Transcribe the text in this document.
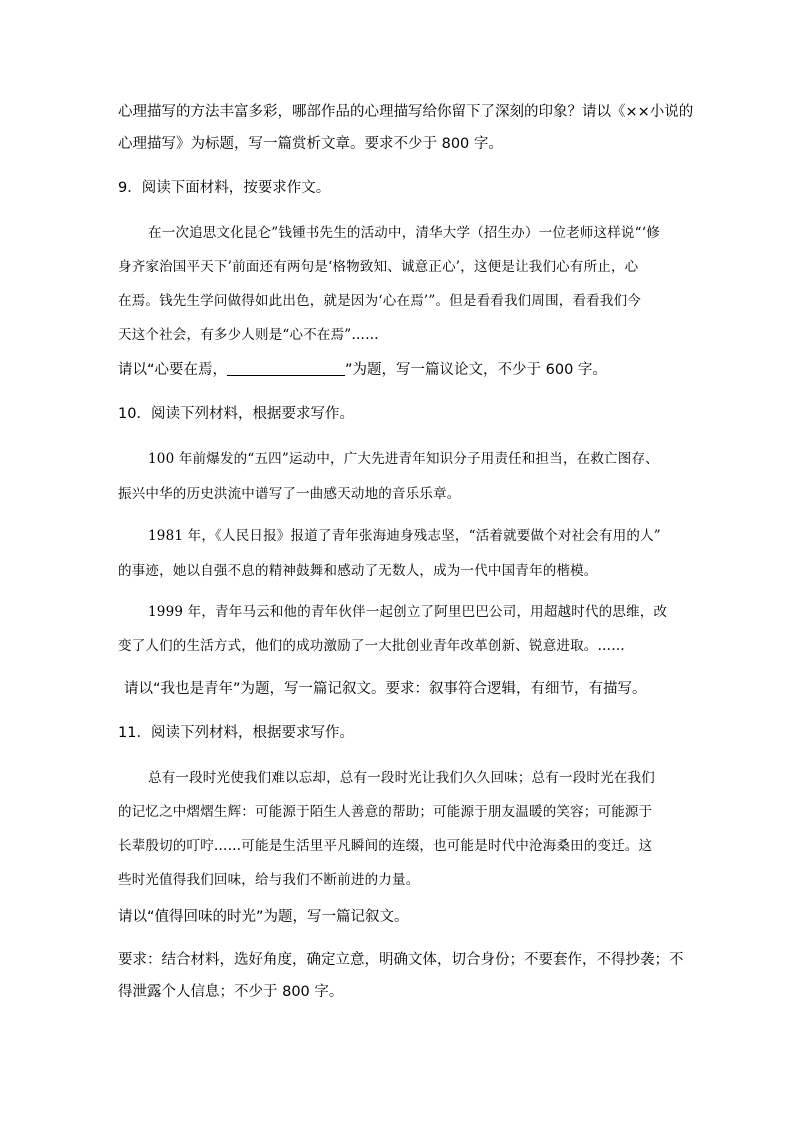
心理描写的方法丰富多彩，哪部作品的心理描写给你留下了深刻的印象？请以《××小说的
心理描写》为标题，写一篇赏析文章。要求不少于 800 字。
9．阅读下面材料，按要求作文。
在一次追思文化昆仑”钱锺书先生的活动中，清华大学（招生办）一位老师这样说“‘修
身齐家治国平天下’前面还有两句是‘格物致知、诚意正心’，这便是让我们心有所止，心
在焉。钱先生学问做得如此出色，就是因为‘心在焉’”。但是看看我们周围，看看我们今
天这个社会，有多少人则是“心不在焉”……
请以“心要在焉，	”为题，写一篇议论文，不少于 600 字。
10．阅读下列材料，根据要求写作。
100 年前爆发的“五四”运动中，广大先进青年知识分子用责任和担当，在救亡图存、
振兴中华的历史洪流中谱写了一曲感天动地的音乐乐章。
1981 年，《人民日报》报道了青年张海迪身残志坚，“活着就要做个对社会有用的人”
的事迹，她以自强不息的精神鼓舞和感动了无数人，成为一代中国青年的楷模。
1999 年，青年马云和他的青年伙伴一起创立了阿里巴巴公司，用超越时代的思维，改
变了人们的生活方式，他们的成功激励了一大批创业青年改革创新、锐意进取。……
请以“我也是青年”为题，写一篇记叙文。要求：叙事符合逻辑，有细节，有描写。
11．阅读下列材料，根据要求写作。
总有一段时光使我们难以忘却，总有一段时光让我们久久回味；总有一段时光在我们
的记忆之中熠熠生辉：可能源于陌生人善意的帮助；可能源于朋友温暖的笑容；可能源于
长辈殷切的叮咛……可能是生活里平凡瞬间的连缀，也可能是时代中沧海桑田的变迁。这
些时光值得我们回味，给与我们不断前进的力量。
请以“值得回味的时光”为题，写一篇记叙文。
要求：结合材料，选好角度，确定立意，明确文体，切合身份；不要套作，不得抄袭；不
得泄露个人信息；不少于 800 字。
